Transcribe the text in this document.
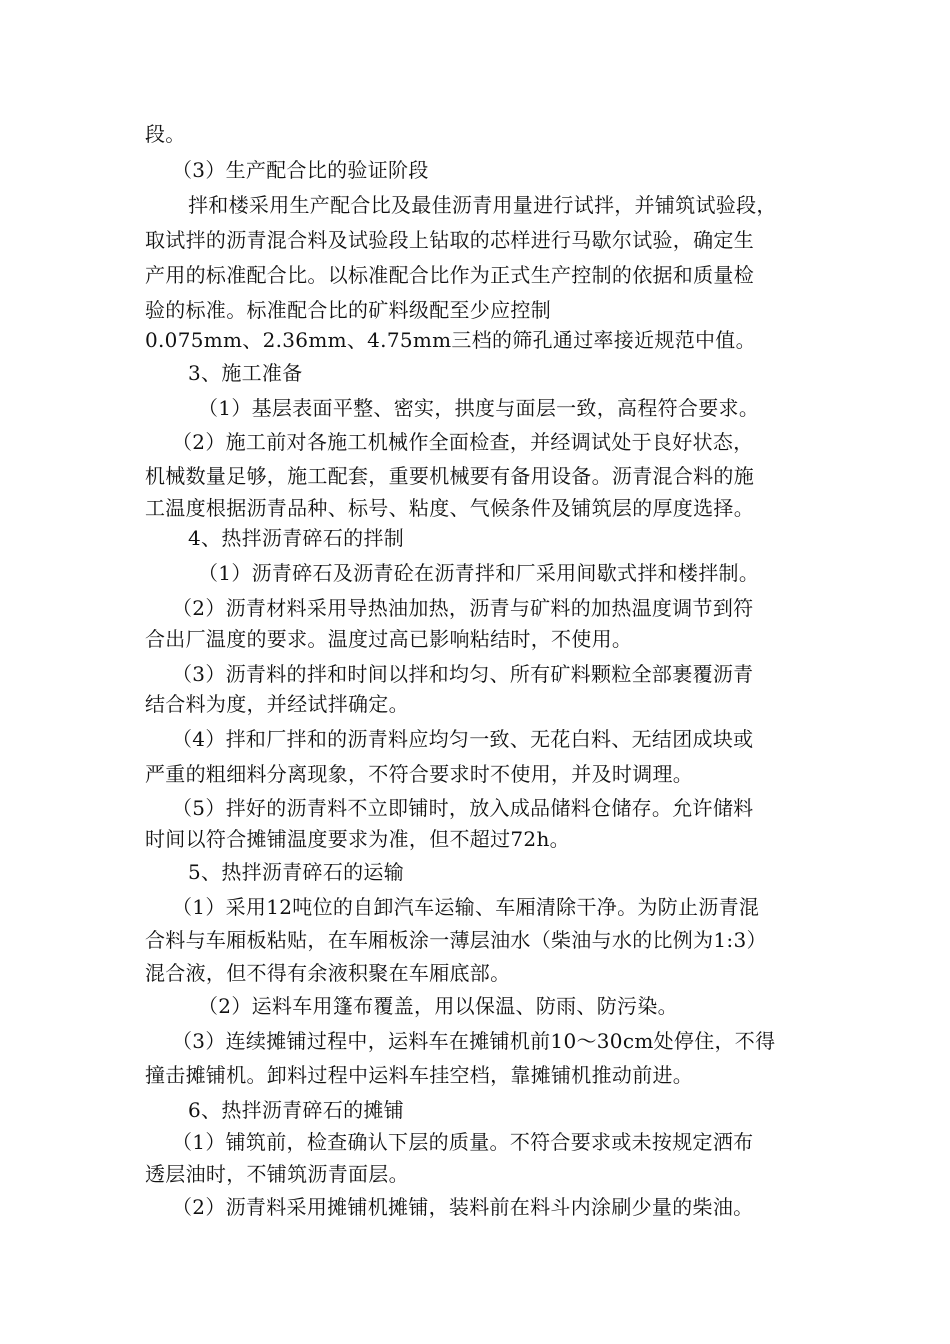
段。
（3）生产配合比的验证阶段
拌和楼采用生产配合比及最佳沥青用量进行试拌，并铺筑试验段，
取试拌的沥青混合料及试验段上钻取的芯样进行马歇尔试验，确定生
产用的标准配合比。以标准配合比作为正式生产控制的依据和质量检
验的标准。标准配合比的矿料级配至少应控制
0.075mm、2.36mm、4.75mm三档的筛孔通过率接近规范中值。
3、施工准备
（1）基层表面平整、密实，拱度与面层一致，高程符合要求。
（2）施工前对各施工机械作全面检查，并经调试处于良好状态，
机械数量足够，施工配套，重要机械要有备用设备。沥青混合料的施
工温度根据沥青品种、标号、粘度、气候条件及铺筑层的厚度选择。
4、热拌沥青碎石的拌制
（1）沥青碎石及沥青砼在沥青拌和厂采用间歇式拌和楼拌制。
（2）沥青材料采用导热油加热，沥青与矿料的加热温度调节到符
合出厂温度的要求。温度过高已影响粘结时，不使用。
（3）沥青料的拌和时间以拌和均匀、所有矿料颗粒全部裹覆沥青
结合料为度，并经试拌确定。
（4）拌和厂拌和的沥青料应均匀一致、无花白料、无结团成块或
严重的粗细料分离现象，不符合要求时不使用，并及时调理。
（5）拌好的沥青料不立即铺时，放入成品储料仓储存。允许储料
时间以符合摊铺温度要求为准，但不超过72h。
5、热拌沥青碎石的运输
（1）采用12吨位的自卸汽车运输、车厢清除干净。为防止沥青混
合料与车厢板粘贴，在车厢板涂一薄层油水（柴油与水的比例为1:3）
混合液，但不得有余液积聚在车厢底部。
（2）运料车用篷布覆盖，用以保温、防雨、防污染。
（3）连续摊铺过程中，运料车在摊铺机前10～30cm处停住，不得
撞击摊铺机。卸料过程中运料车挂空档，靠摊铺机推动前进。
6、热拌沥青碎石的摊铺
（1）铺筑前，检查确认下层的质量。不符合要求或未按规定洒布
透层油时，不铺筑沥青面层。
（2）沥青料采用摊铺机摊铺，装料前在料斗内涂刷少量的柴油。
